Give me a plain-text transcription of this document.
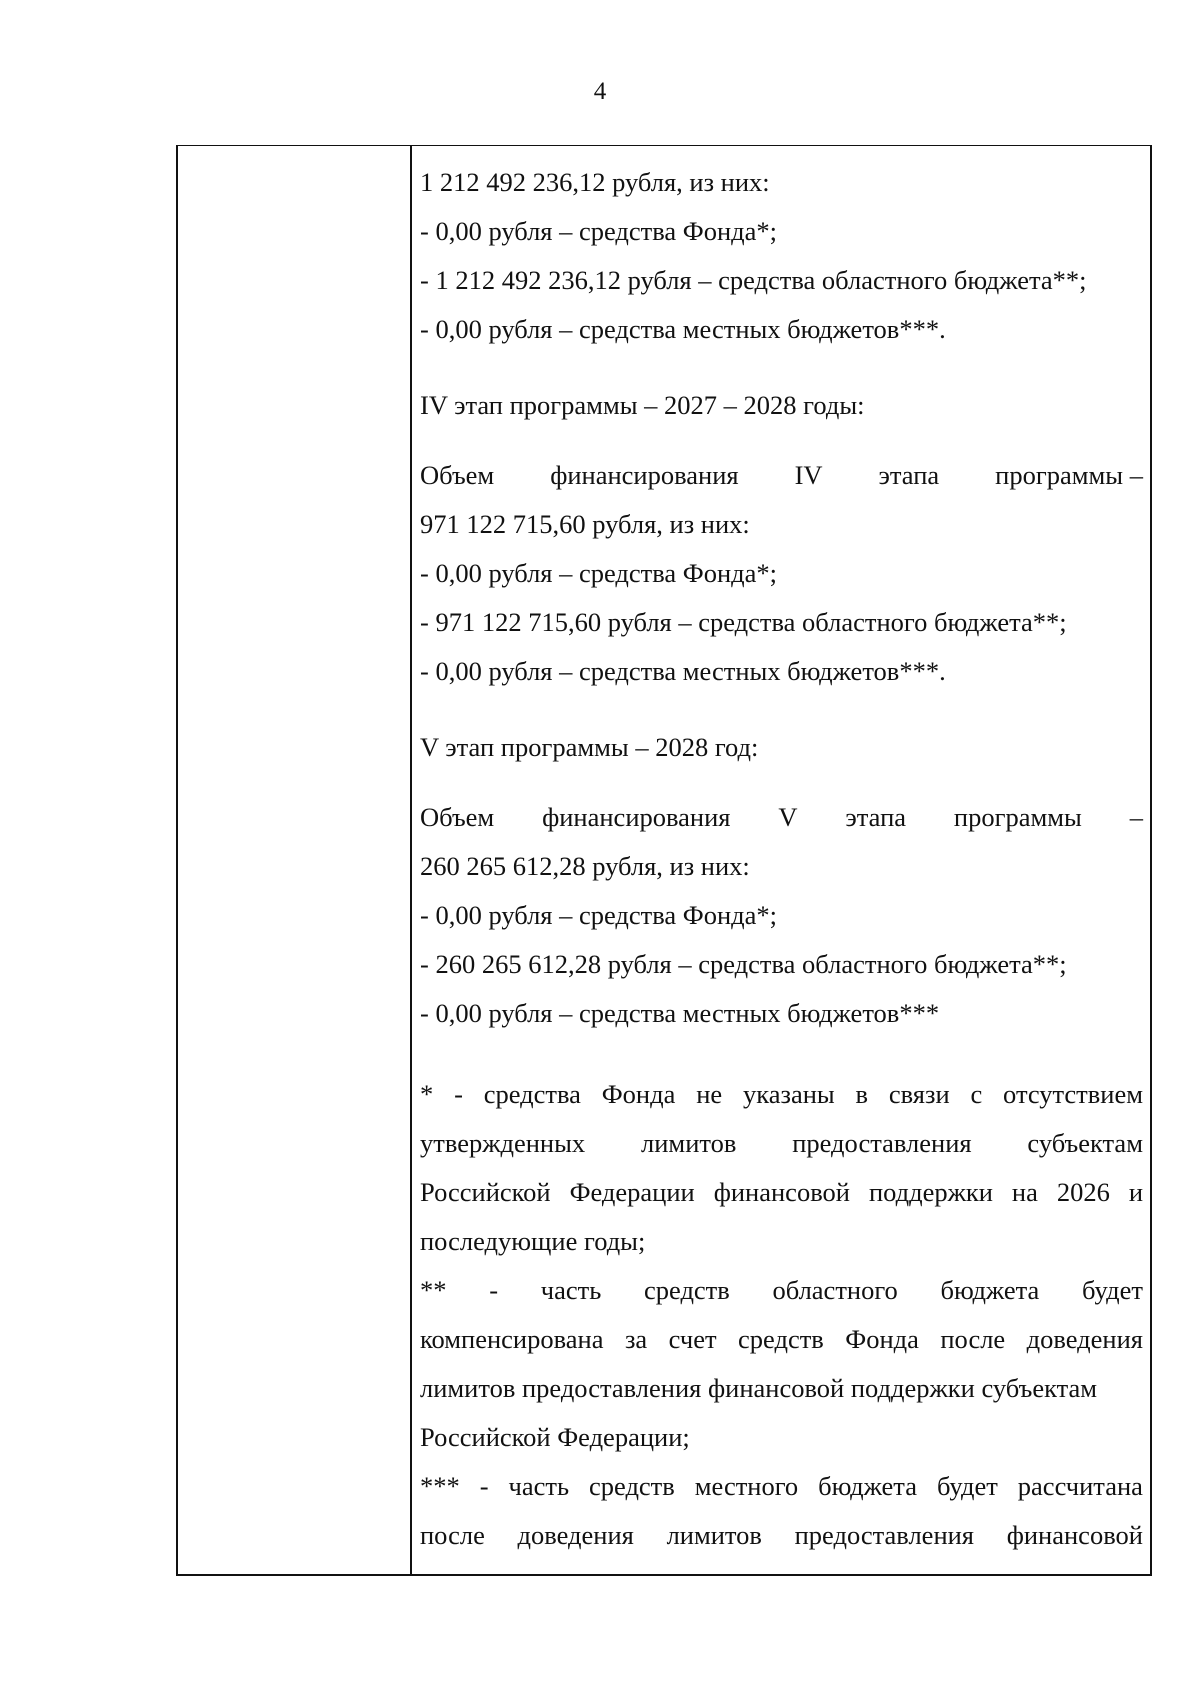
4
1 212 492 236,12 рубля, из них:
- 0,00 рубля – средства Фонда*;
- 1 212 492 236,12 рубля – средства областного бюджета**;
- 0,00 рубля – средства местных бюджетов***.
IV этап программы – 2027 – 2028 годы:
Объем финансирования IV этапа программы –
971 122 715,60 рубля, из них:
- 0,00 рубля – средства Фонда*;
- 971 122 715,60 рубля – средства областного бюджета**;
- 0,00 рубля – средства местных бюджетов***.
V этап программы – 2028 год:
Объем финансирования V этапа программы –
260 265 612,28 рубля, из них:
- 0,00 рубля – средства Фонда*;
- 260 265 612,28 рубля – средства областного бюджета**;
- 0,00 рубля – средства местных бюджетов***
* - средства Фонда не указаны в связи с отсутствием
утвержденных лимитов предоставления субъектам
Российской Федерации финансовой поддержки на 2026 и
последующие годы;
** - часть средств областного бюджета будет
компенсирована за счет средств Фонда после доведения
лимитов предоставления финансовой поддержки субъектам
Российской Федерации;
*** - часть средств местного бюджета будет рассчитана
после доведения лимитов предоставления финансовой
